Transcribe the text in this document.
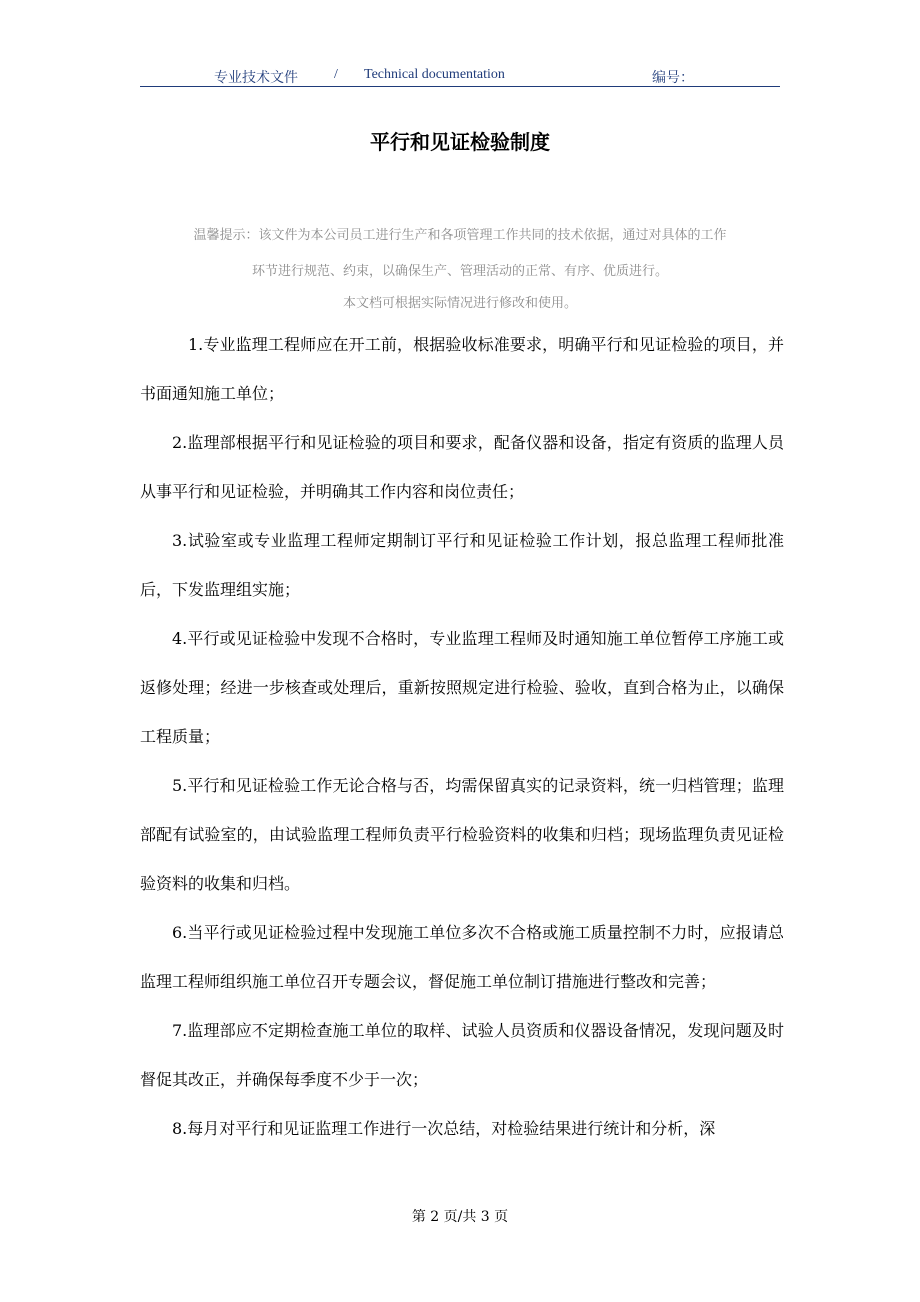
专业技术文件	/ Technical documentation	编号：
平行和见证检验制度
温馨提示：该文件为本公司员工进行生产和各项管理工作共同的技术依据，通过对具体的工作
环节进行规范、约束，以确保生产、管理活动的正常、有序、优质进行。
本文档可根据实际情况进行修改和使用。

1.专业监理工程师应在开工前，根据验收标准要求，明确平行和见证检验的项目，并书面通知施工单位；

2.监理部根据平行和见证检验的项目和要求，配备仪器和设备，指定有资质的监理人员从事平行和见证检验，并明确其工作内容和岗位责任；

3.试验室或专业监理工程师定期制订平行和见证检验工作计划，报总监理工程师批准后，下发监理组实施；

4.平行或见证检验中发现不合格时，专业监理工程师及时通知施工单位暂停工序施工或返修处理；经进一步核查或处理后，重新按照规定进行检验、验收，直到合格为止，以确保工程质量；

5.平行和见证检验工作无论合格与否，均需保留真实的记录资料，统一归档管理；监理部配有试验室的，由试验监理工程师负责平行检验资料的收集和归档；现场监理负责见证检验资料的收集和归档。

6.当平行或见证检验过程中发现施工单位多次不合格或施工质量控制不力时，应报请总监理工程师组织施工单位召开专题会议，督促施工单位制订措施进行整改和完善；

7.监理部应不定期检查施工单位的取样、试验人员资质和仪器设备情况，发现问题及时督促其改正，并确保每季度不少于一次；

8.每月对平行和见证监理工作进行一次总结，对检验结果进行统计和分析，深

第 2 页/共 3 页
